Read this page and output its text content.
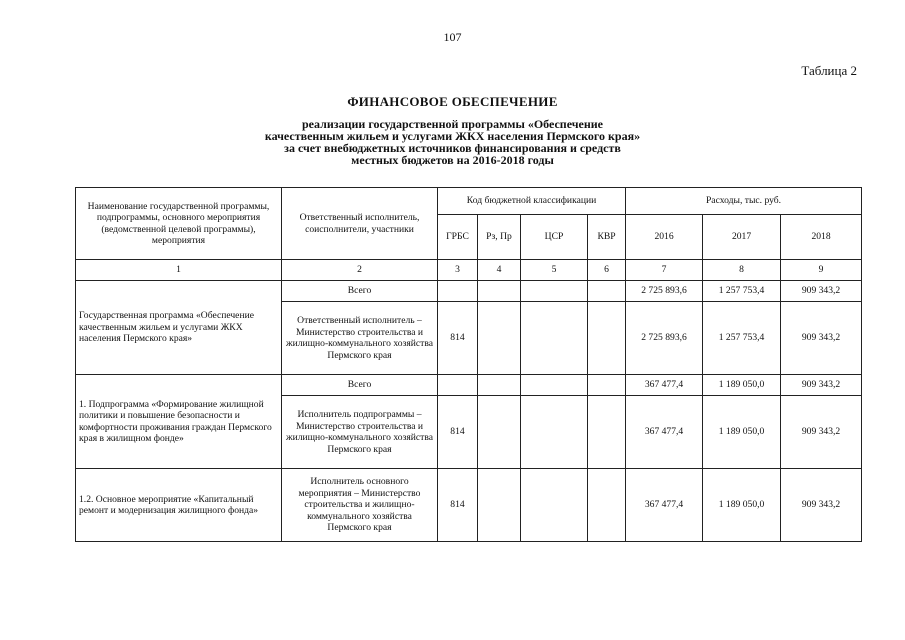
107
Таблица 2
ФИНАНСОВОЕ ОБЕСПЕЧЕНИЕ
реализации государственной программы «Обеспечение
качественным жильем и услугами ЖКХ населения Пермского края»
за счет внебюджетных источников финансирования и средств
местных бюджетов на 2016-2018 годы
Наименование государственной программы, подпрограммы, основного мероприятия (ведомственной целевой программы), мероприятия	Ответственный исполнитель, соисполнители, участники	Код бюджетной классификации				Расходы, тыс. руб.		
		ГРБС	Рз, Пр	ЦСР	КВР	2016	2017	2018
1	2	3	4	5	6	7	8	9
Государственная программа «Обеспечение качественным жильем и услугами ЖКХ населения Пермского края»	Всего					2 725 893,6	1 257 753,4	909 343,2
	Ответственный исполнитель – Министерство строительства и жилищно-коммунального хозяйства Пермского края	814				2 725 893,6	1 257 753,4	909 343,2
1. Подпрограмма «Формирование жилищной политики и повышение безопасности и комфортности проживания граждан Пермского края в жилищном фонде»	Всего					367 477,4	1 189 050,0	909 343,2
	Исполнитель подпрограммы – Министерство строительства и жилищно-коммунального хозяйства Пермского края	814				367 477,4	1 189 050,0	909 343,2
1.2. Основное мероприятие «Капитальный ремонт и модернизация жилищного фонда»	Исполнитель основного мероприятия – Министерство строительства и жилищно-коммунального хозяйства Пермского края	814				367 477,4	1 189 050,0	909 343,2
